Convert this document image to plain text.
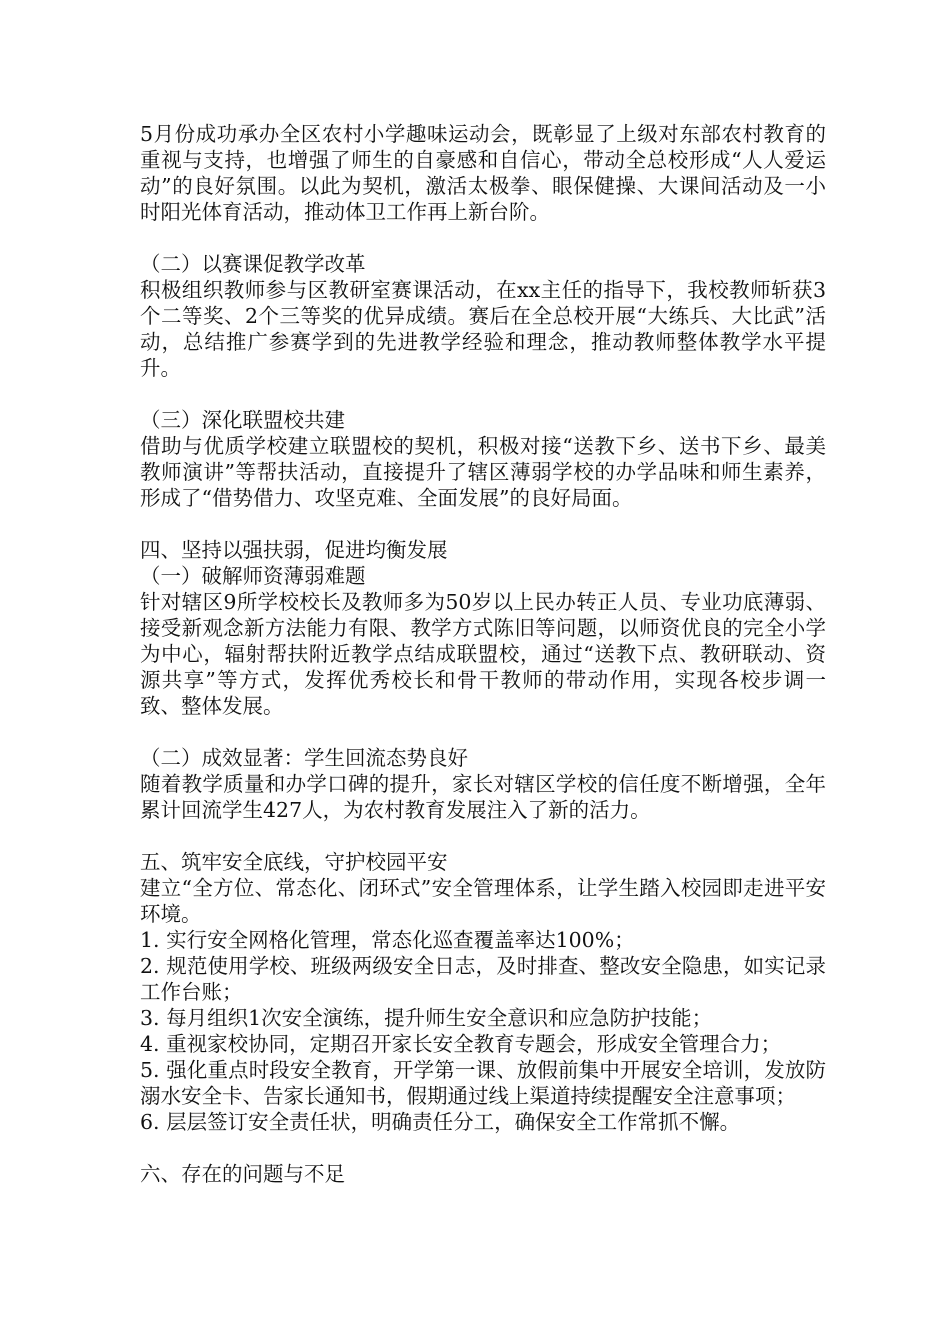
5月份成功承办全区农村小学趣味运动会，既彰显了上级对东部农村教育的重视与支持，也增强了师生的自豪感和自信心，带动全总校形成“人人爱运动”的良好氛围。以此为契机，激活太极拳、眼保健操、大课间活动及一小时阳光体育活动，推动体卫工作再上新台阶。

（二）以赛课促教学改革

积极组织教师参与区教研室赛课活动，在xx主任的指导下，我校教师斩获3个二等奖、2个三等奖的优异成绩。赛后在全总校开展“大练兵、大比武”活动，总结推广参赛学到的先进教学经验和理念，推动教师整体教学水平提升。

（三）深化联盟校共建

借助与优质学校建立联盟校的契机，积极对接“送教下乡、送书下乡、最美教师演讲”等帮扶活动，直接提升了辖区薄弱学校的办学品味和师生素养，形成了“借势借力、攻坚克难、全面发展”的良好局面。

四、坚持以强扶弱，促进均衡发展

（一）破解师资薄弱难题

针对辖区9所学校校长及教师多为50岁以上民办转正人员、专业功底薄弱、接受新观念新方法能力有限、教学方式陈旧等问题，以师资优良的完全小学为中心，辐射帮扶附近教学点结成联盟校，通过“送教下点、教研联动、资源共享”等方式，发挥优秀校长和骨干教师的带动作用，实现各校步调一致、整体发展。

（二）成效显著：学生回流态势良好

随着教学质量和办学口碑的提升，家长对辖区学校的信任度不断增强，全年累计回流学生427人，为农村教育发展注入了新的活力。

五、筑牢安全底线，守护校园平安

建立“全方位、常态化、闭环式”安全管理体系，让学生踏入校园即走进平安环境。

1. 实行安全网格化管理，常态化巡查覆盖率达100%；

2. 规范使用学校、班级两级安全日志，及时排查、整改安全隐患，如实记录工作台账；

3. 每月组织1次安全演练，提升师生安全意识和应急防护技能；

4. 重视家校协同，定期召开家长安全教育专题会，形成安全管理合力；

5. 强化重点时段安全教育，开学第一课、放假前集中开展安全培训，发放防溺水安全卡、告家长通知书，假期通过线上渠道持续提醒安全注意事项；

6. 层层签订安全责任状，明确责任分工，确保安全工作常抓不懈。

六、存在的问题与不足
